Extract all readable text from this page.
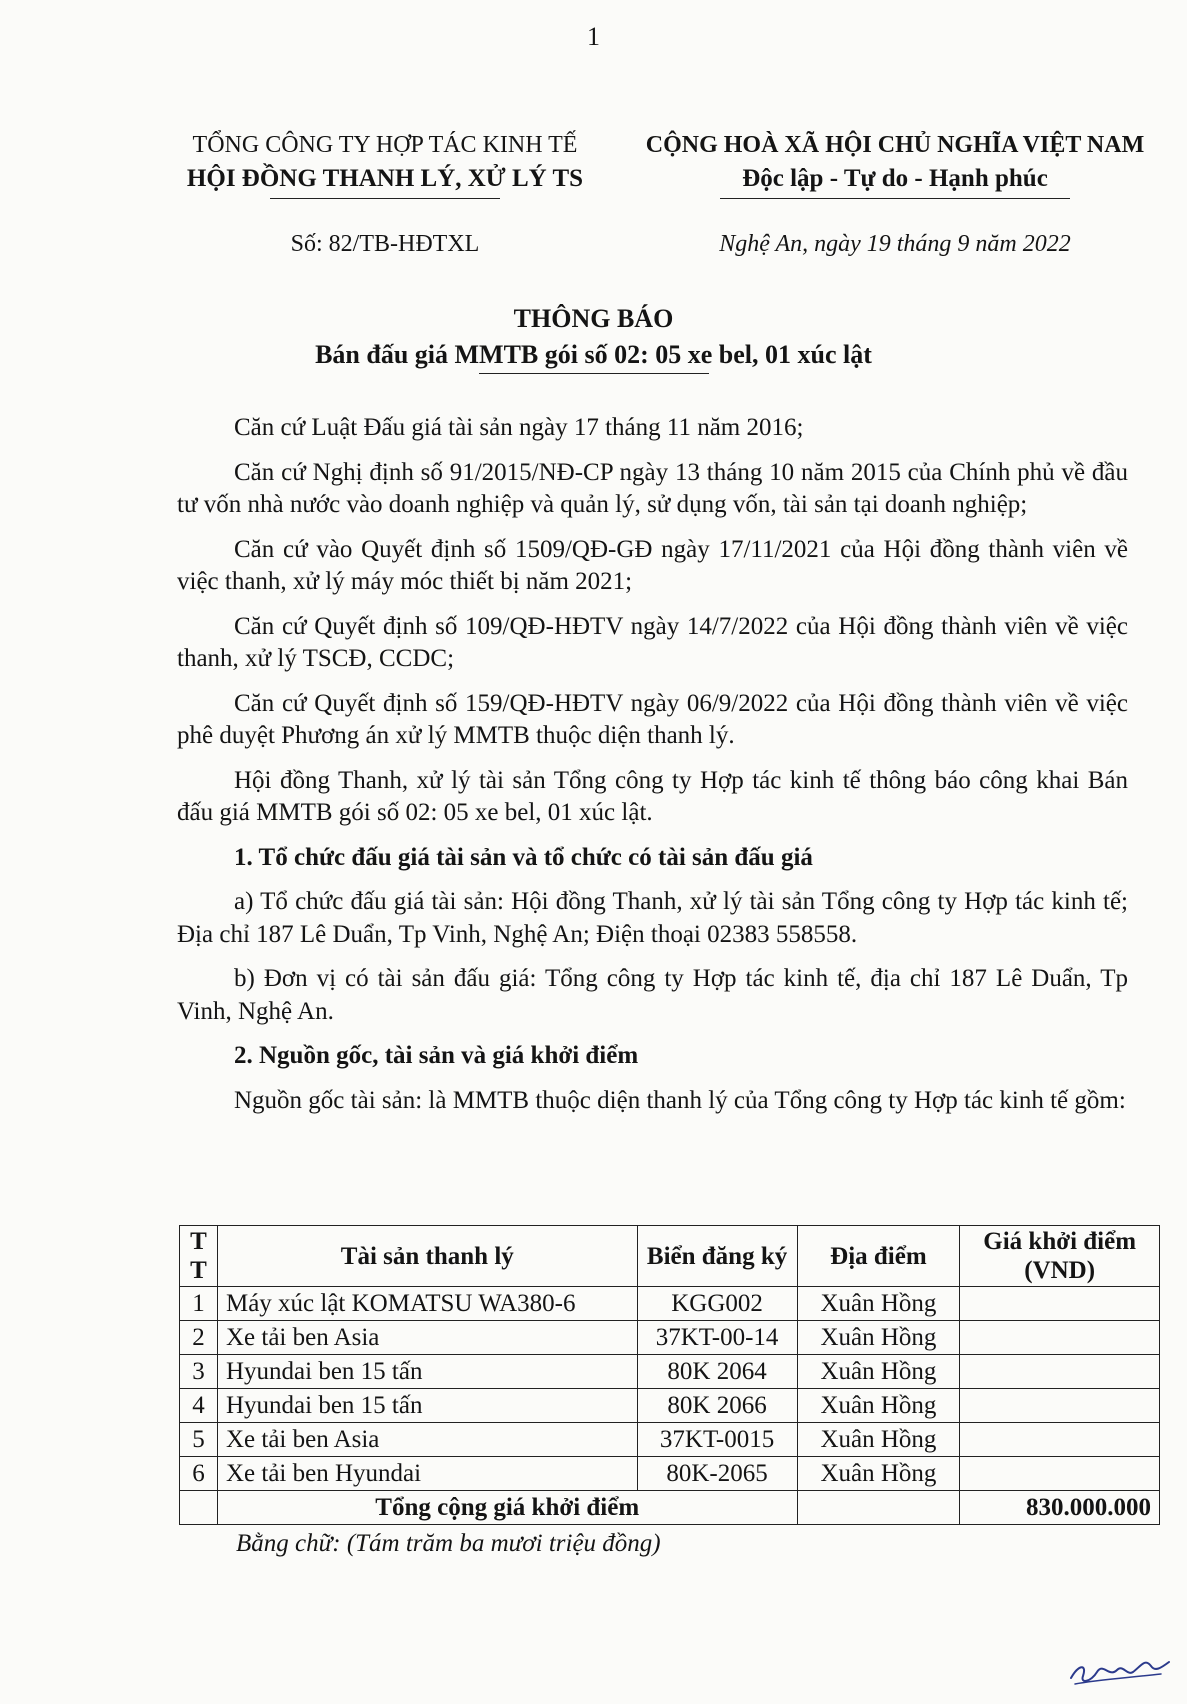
1
TỔNG CÔNG TY HỢP TÁC KINH TẾ
HỘI ĐỒNG THANH LÝ, XỬ LÝ TS
CỘNG HOÀ XÃ HỘI CHỦ NGHĨA VIỆT NAM
Độc lập - Tự do - Hạnh phúc
Số: 82/TB-HĐTXL	Nghệ An, ngày 19 tháng 9 năm 2022
THÔNG BÁO
Bán đấu giá MMTB gói số 02: 05 xe bel, 01 xúc lật

Căn cứ Luật Đấu giá tài sản ngày 17 tháng 11 năm 2016;

Căn cứ Nghị định số 91/2015/NĐ-CP ngày 13 tháng 10 năm 2015 của Chính phủ về đầu tư vốn nhà nước vào doanh nghiệp và quản lý, sử dụng vốn, tài sản tại doanh nghiệp;

Căn cứ vào Quyết định số 1509/QĐ-GĐ ngày 17/11/2021 của Hội đồng thành viên về việc thanh, xử lý máy móc thiết bị năm 2021;

Căn cứ Quyết định số 109/QĐ-HĐTV ngày 14/7/2022 của Hội đồng thành viên về việc thanh, xử lý TSCĐ, CCDC;

Căn cứ Quyết định số 159/QĐ-HĐTV ngày 06/9/2022 của Hội đồng thành viên về việc phê duyệt Phương án xử lý MMTB thuộc diện thanh lý.

Hội đồng Thanh, xử lý tài sản Tổng công ty Hợp tác kinh tế thông báo công khai Bán đấu giá MMTB gói số 02: 05 xe bel, 01 xúc lật.

1. Tổ chức đấu giá tài sản và tổ chức có tài sản đấu giá

a) Tổ chức đấu giá tài sản: Hội đồng Thanh, xử lý tài sản Tổng công ty Hợp tác kinh tế; Địa chỉ 187 Lê Duẩn, Tp Vinh, Nghệ An; Điện thoại 02383 558558.

b) Đơn vị có tài sản đấu giá: Tổng công ty Hợp tác kinh tế, địa chỉ 187 Lê Duẩn, Tp Vinh, Nghệ An.

2. Nguồn gốc, tài sản và giá khởi điểm

Nguồn gốc tài sản: là MMTB thuộc diện thanh lý của Tổng công ty Hợp tác kinh tế gồm:

T
T	Tài sản thanh lý	Biển đăng ký	Địa điểm	Giá khởi điểm (VND)
1	Máy xúc lật KOMATSU WA380-6	KGG002	Xuân Hồng	
2	Xe tải ben Asia	37KT-00-14	Xuân Hồng	
3	Hyundai ben 15 tấn	80K 2064	Xuân Hồng	
4	Hyundai ben 15 tấn	80K 2066	Xuân Hồng	
5	Xe tải ben Asia	37KT-0015	Xuân Hồng	
6	Xe tải ben Hyundai	80K-2065	Xuân Hồng	
	Tổng cộng giá khởi điểm			830.000.000
Bằng chữ: (Tám trăm ba mươi triệu đồng)
